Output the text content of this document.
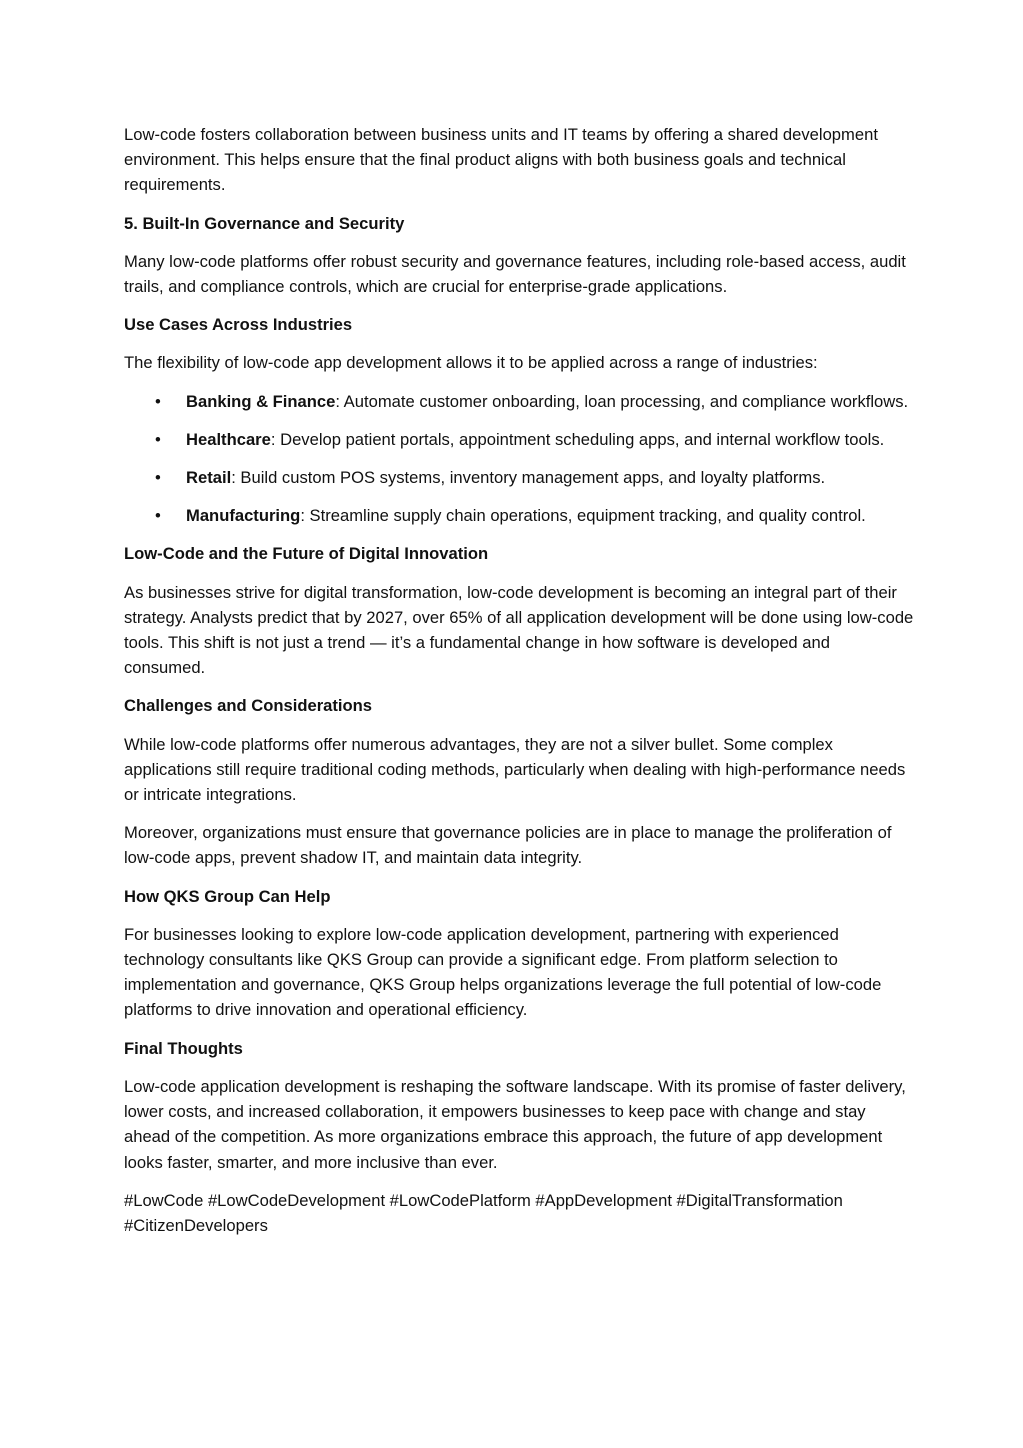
Low-code fosters collaboration between business units and IT teams by offering a shared development environment. This helps ensure that the final product aligns with both business goals and technical requirements.

5. Built-In Governance and Security

Many low-code platforms offer robust security and governance features, including role-based access, audit trails, and compliance controls, which are crucial for enterprise-grade applications.

Use Cases Across Industries

The flexibility of low-code app development allows it to be applied across a range of industries:

• Banking & Finance: Automate customer onboarding, loan processing, and compliance workflows.
• Healthcare: Develop patient portals, appointment scheduling apps, and internal workflow tools.
• Retail: Build custom POS systems, inventory management apps, and loyalty platforms.
• Manufacturing: Streamline supply chain operations, equipment tracking, and quality control.
Low-Code and the Future of Digital Innovation

As businesses strive for digital transformation, low-code development is becoming an integral part of their strategy. Analysts predict that by 2027, over 65% of all application development will be done using low-code tools. This shift is not just a trend — it’s a fundamental change in how software is developed and consumed.

Challenges and Considerations

While low-code platforms offer numerous advantages, they are not a silver bullet. Some complex applications still require traditional coding methods, particularly when dealing with high-performance needs or intricate integrations.

Moreover, organizations must ensure that governance policies are in place to manage the proliferation of low-code apps, prevent shadow IT, and maintain data integrity.

How QKS Group Can Help

For businesses looking to explore low-code application development, partnering with experienced technology consultants like QKS Group can provide a significant edge. From platform selection to implementation and governance, QKS Group helps organizations leverage the full potential of low-code platforms to drive innovation and operational efficiency.

Final Thoughts

Low-code application development is reshaping the software landscape. With its promise of faster delivery, lower costs, and increased collaboration, it empowers businesses to keep pace with change and stay ahead of the competition. As more organizations embrace this approach, the future of app development looks faster, smarter, and more inclusive than ever.

#LowCode #LowCodeDevelopment #LowCodePlatform #AppDevelopment #DigitalTransformation #CitizenDevelopers
